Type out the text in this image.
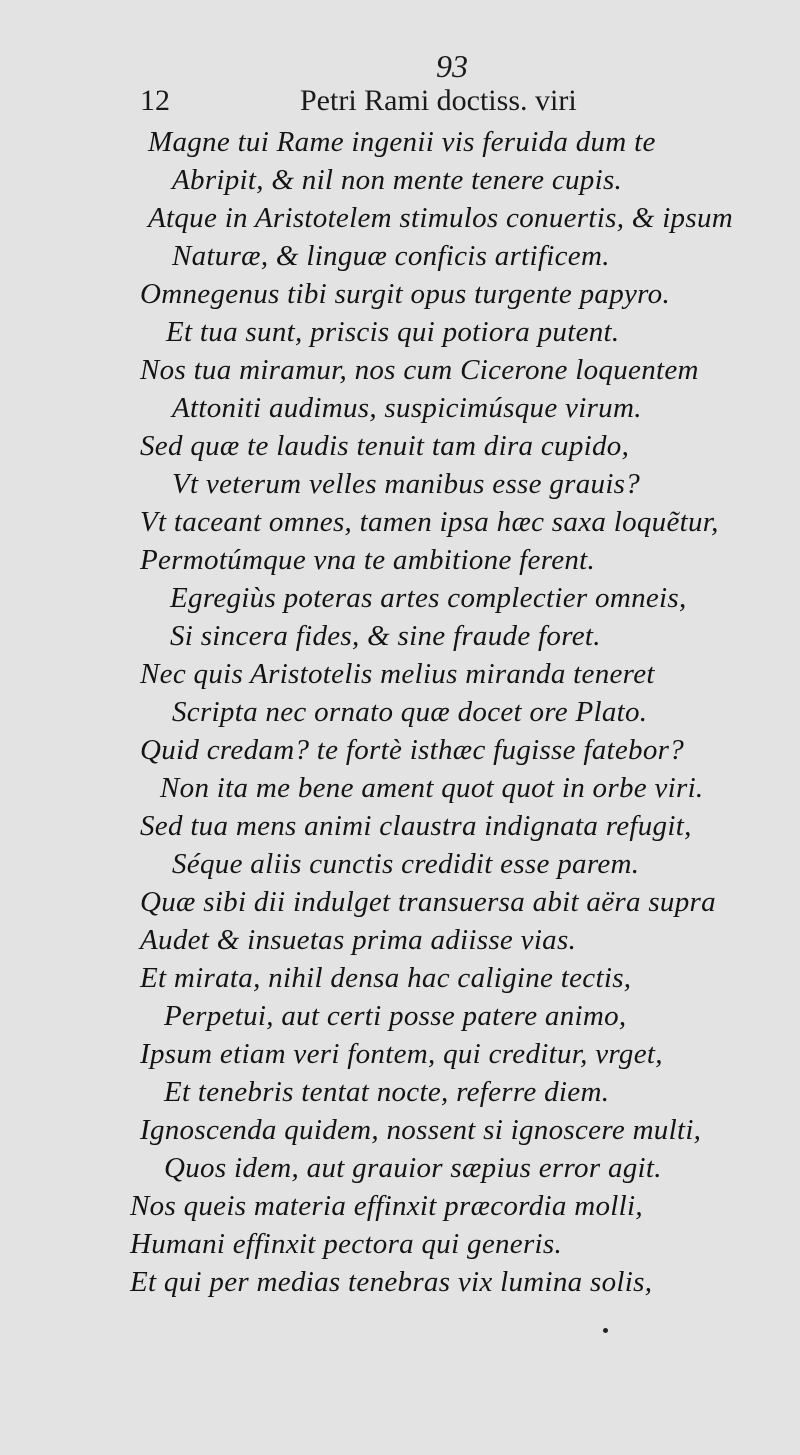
93
12	Petri Rami doctiss. viri
Magne tui Rame ingenii vis feruida dum te
Abripit, & nil non mente tenere cupis.
Atque in Aristotelem stimulos conuertis, & ipsum
Naturæ, & linguæ conficis artificem.
Omnegenus tibi surgit opus turgente papyro.
Et tua sunt, priscis qui potiora putent.
Nos tua miramur, nos cum Cicerone loquentem
Attoniti audimus, suspicimúsque virum.
Sed quæ te laudis tenuit tam dira cupido,
Vt veterum velles manibus esse grauis?
Vt taceant omnes, tamen ipsa hæc saxa loquẽtur,
Permotúmque vna te ambitione ferent.
Egregiùs poteras artes complectier omneis,
Si sincera fides, & sine fraude foret.
Nec quis Aristotelis melius miranda teneret
Scripta nec ornato quæ docet ore Plato.
Quid credam? te fortè isthæc fugisse fatebor?
Non ita me bene ament quot quot in orbe viri.
Sed tua mens animi claustra indignata refugit,
Séque aliis cunctis credidit esse parem.
Quæ sibi dii indulget transuersa abit aëra supra
Audet & insuetas prima adiisse vias.
Et mirata, nihil densa hac caligine tectis,
Perpetui, aut certi posse patere animo,
Ipsum etiam veri fontem, qui creditur, vrget,
Et tenebris tentat nocte, referre diem.
Ignoscenda quidem, nossent si ignoscere multi,
Quos idem, aut grauior sæpius error agit.
Nos queis materia effinxit præcordia molli,
Humani effinxit pectora qui generis.
Et qui per medias tenebras vix lumina solis,
